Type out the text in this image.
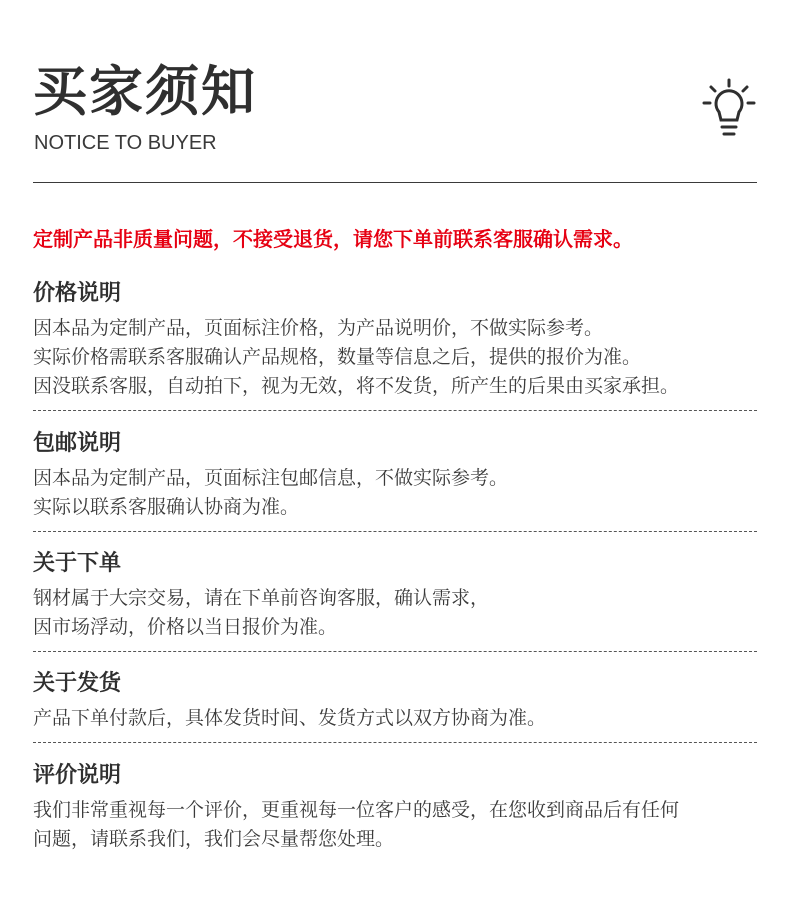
买家须知
NOTICE TO BUYER
定制产品非质量问题，不接受退货，请您下单前联系客服确认需求。
价格说明
因本品为定制产品，页面标注价格，为产品说明价，不做实际参考。
实际价格需联系客服确认产品规格，数量等信息之后，提供的报价为准。
因没联系客服，自动拍下，视为无效，将不发货，所产生的后果由买家承担。
包邮说明
因本品为定制产品，页面标注包邮信息，不做实际参考。
实际以联系客服确认协商为准。
关于下单
钢材属于大宗交易，请在下单前咨询客服，确认需求，
因市场浮动，价格以当日报价为准。
关于发货
产品下单付款后，具体发货时间、发货方式以双方协商为准。
评价说明
我们非常重视每一个评价，更重视每一位客户的感受，在您收到商品后有任何
问题，请联系我们，我们会尽量帮您处理。
